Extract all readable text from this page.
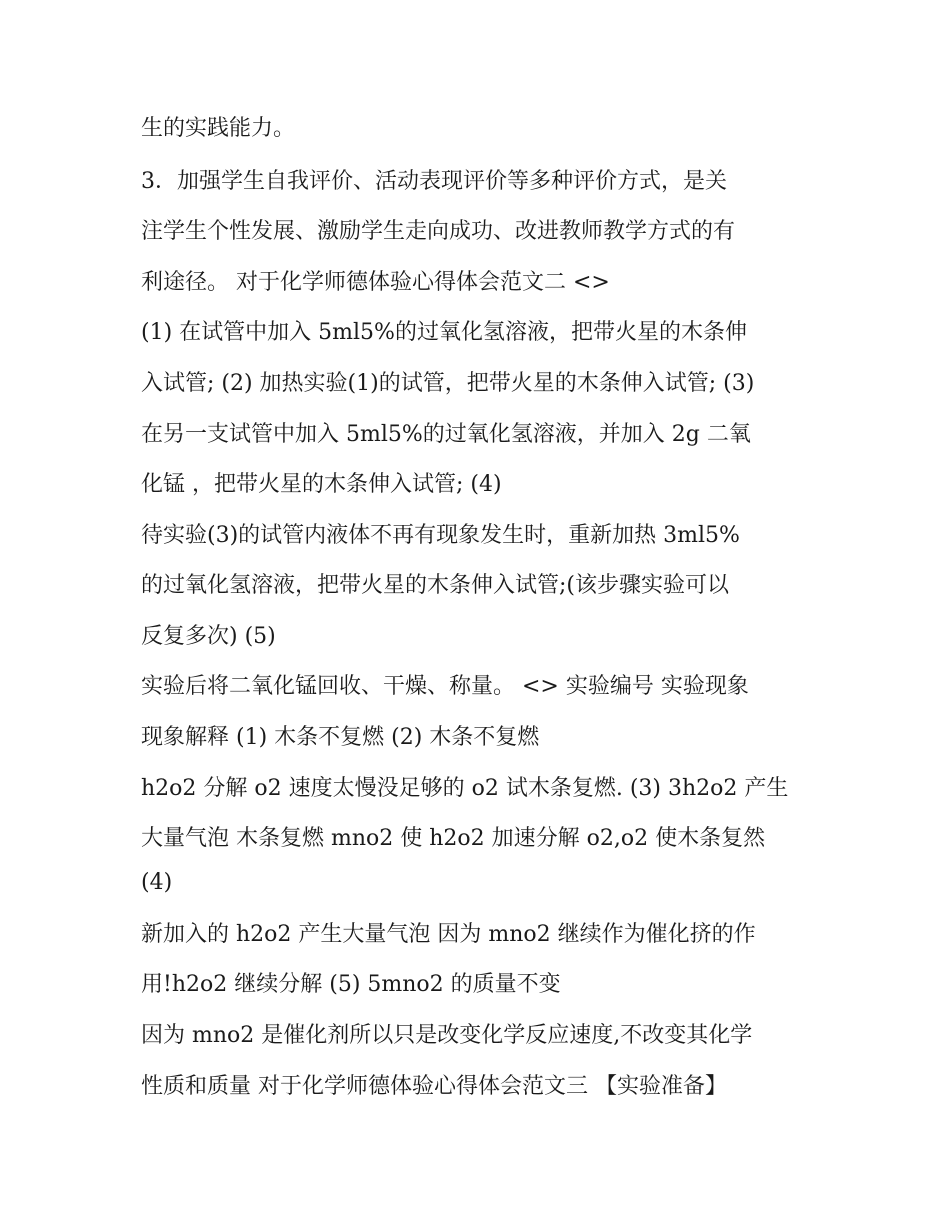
生的实践能力。
3．加强学生自我评价、活动表现评价等多种评价方式，是关
注学生个性发展、激励学生走向成功、改进教师教学方式的有
利途径。 对于化学师德体验心得体会范文二 <>
(1) 在试管中加入 5ml5%的过氧化氢溶液，把带火星的木条伸
入试管; (2) 加热实验(1)的试管，把带火星的木条伸入试管; (3)
在另一支试管中加入 5ml5%的过氧化氢溶液，并加入 2g 二氧
化锰 ，把带火星的木条伸入试管; (4)
待实验(3)的试管内液体不再有现象发生时，重新加热 3ml5%
的过氧化氢溶液，把带火星的木条伸入试管;(该步骤实验可以
反复多次) (5)
实验后将二氧化锰回收、干燥、称量。 <> 实验编号 实验现象
现象解释 (1) 木条不复燃 (2) 木条不复燃
h2o2 分解 o2 速度太慢没足够的 o2 试木条复燃. (3) 3h2o2 产生
大量气泡 木条复燃 mno2 使 h2o2 加速分解 o2,o2 使木条复然
(4)
新加入的 h2o2 产生大量气泡 因为 mno2 继续作为催化挤的作
用!h2o2 继续分解 (5) 5mno2 的质量不变
因为 mno2 是催化剂所以只是改变化学反应速度,不改变其化学
性质和质量 对于化学师德体验心得体会范文三 【实验准备】
